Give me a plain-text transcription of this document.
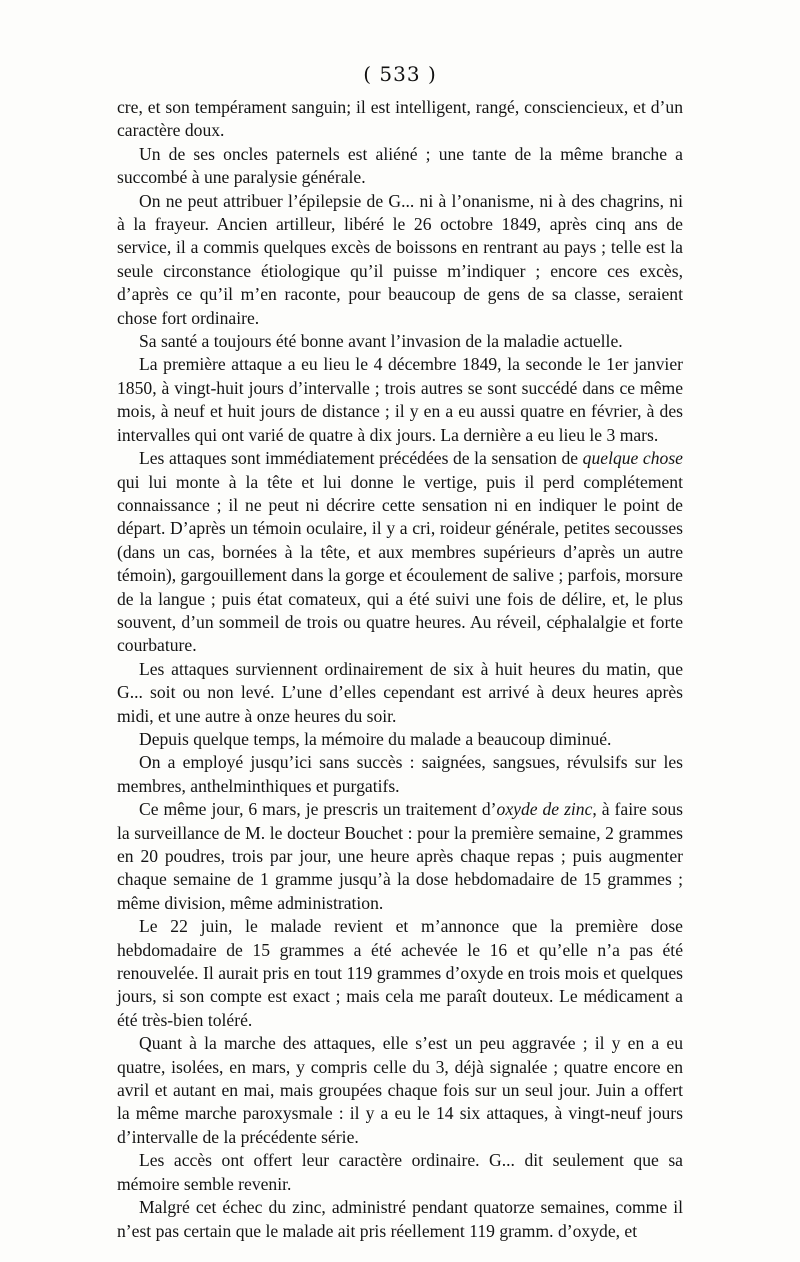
( 533 )

cre, et son tempérament sanguin; il est intelligent, rangé, consciencieux, et d’un caractère doux.

Un de ses oncles paternels est aliéné ; une tante de la même branche a succombé à une paralysie générale.

On ne peut attribuer l’épilepsie de G... ni à l’onanisme, ni à des chagrins, ni à la frayeur. Ancien artilleur, libéré le 26 octobre 1849, après cinq ans de service, il a commis quelques excès de boissons en rentrant au pays ; telle est la seule circonstance étiologique qu’il puisse m’indiquer ; encore ces excès, d’après ce qu’il m’en raconte, pour beaucoup de gens de sa classe, seraient chose fort ordinaire.

Sa santé a toujours été bonne avant l’invasion de la maladie actuelle.

La première attaque a eu lieu le 4 décembre 1849, la seconde le 1er janvier 1850, à vingt-huit jours d’intervalle ; trois autres se sont succédé dans ce même mois, à neuf et huit jours de distance ; il y en a eu aussi quatre en février, à des intervalles qui ont varié de quatre à dix jours. La dernière a eu lieu le 3 mars.

Les attaques sont immédiatement précédées de la sensation de quelque chose qui lui monte à la tête et lui donne le vertige, puis il perd complétement connaissance ; il ne peut ni décrire cette sensation ni en indiquer le point de départ. D’après un témoin oculaire, il y a cri, roideur générale, petites secousses (dans un cas, bornées à la tête, et aux membres supérieurs d’après un autre témoin), gargouillement dans la gorge et écoulement de salive ; parfois, morsure de la langue ; puis état comateux, qui a été suivi une fois de délire, et, le plus souvent, d’un sommeil de trois ou quatre heures. Au réveil, céphalalgie et forte courbature.

Les attaques surviennent ordinairement de six à huit heures du matin, que G... soit ou non levé. L’une d’elles cependant est arrivé à deux heures après midi, et une autre à onze heures du soir.

Depuis quelque temps, la mémoire du malade a beaucoup diminué.

On a employé jusqu’ici sans succès : saignées, sangsues, révulsifs sur les membres, anthelminthiques et purgatifs.

Ce même jour, 6 mars, je prescris un traitement d’oxyde de zinc, à faire sous la surveillance de M. le docteur Bouchet : pour la première semaine, 2 grammes en 20 poudres, trois par jour, une heure après chaque repas ; puis augmenter chaque semaine de 1 gramme jusqu’à la dose hebdomadaire de 15 grammes ; même division, même administration.

Le 22 juin, le malade revient et m’annonce que la première dose hebdomadaire de 15 grammes a été achevée le 16 et qu’elle n’a pas été renouvelée. Il aurait pris en tout 119 grammes d’oxyde en trois mois et quelques jours, si son compte est exact ; mais cela me paraît douteux. Le médicament a été très-bien toléré.

Quant à la marche des attaques, elle s’est un peu aggravée ; il y en a eu quatre, isolées, en mars, y compris celle du 3, déjà signalée ; quatre encore en avril et autant en mai, mais groupées chaque fois sur un seul jour. Juin a offert la même marche paroxysmale : il y a eu le 14 six attaques, à vingt-neuf jours d’intervalle de la précédente série.

Les accès ont offert leur caractère ordinaire. G... dit seulement que sa mémoire semble revenir.

Malgré cet échec du zinc, administré pendant quatorze semaines, comme il n’est pas certain que le malade ait pris réellement 119 gramm. d’oxyde, et
